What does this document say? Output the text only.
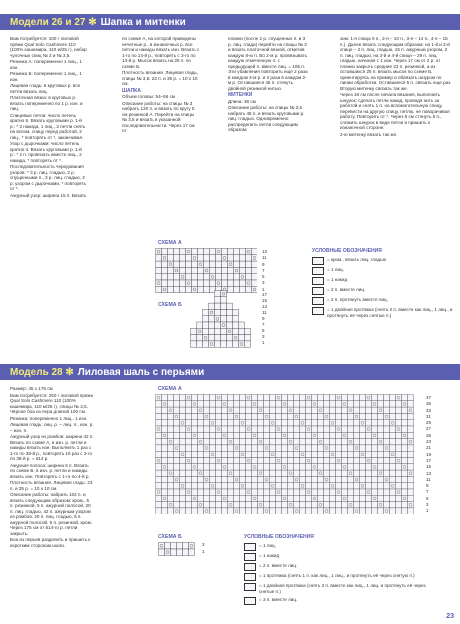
Модели 26 и 27 ✻ Шапка и митенки

Вам потребуется: 100 г лиловой пряжи Qual Solo Cashmere 110 (100% кашемира, 110 м/25 г), набор чулочных спиц № 3 и № 3,5.

Резинка А: попеременно 1 лиц., 1 изн.

Резинка Б: попеременно 1 лиц., 1 изн.

Лицевая гладь: в круговых р. все петли вязать лиц.

Платочная вязка: в круговых р. вязать попеременно по 1 р. изн. и лиц.

Спицевые петли: число петель кратно 6. Вязать круговыми р. 1-й р.: * 2 накида, 1 лиц., 3 петли снять на вспом. спицу перед работой, 2 лиц., * повторять от *, заканчивая.

Узор с дырочками: число петель кратно 4. Вязать круговыми р. 1-й р.: * 2 п. провязать вместе лиц., 2 накида, * повторять от *.

Последовательность чередования узоров: * 3 р. лиц. гладью, 2 р. спущенными п., 3 р. лиц. гладью, 2 р. узором с дырочками, * повторять от *.

Ажурный узор: ширина 15 п. Вязать

по схеме А, на которой приведены нечетные р., в изнаночных р. все петли и накиды вязать изн. Вязать с 1-го по 14-й р., повторять с 3-го по 14-й р. Мысок вязать на 25 п. по схеме Б.

Плотность вязания. Лицевая гладь, спицы № 3,5: 23 п. и 35 р. = 10 х 10 см.

ШАПКА

Объем головы: 54–56 см

Описание работы: на спицы № 3 набрать 120 п. и вязать по кругу 5 см резинкой А. Перейти на спицы № 3,5 и вязать в указанной последовательности. Через 17 см от

планки (после 2 р. спущенных п. и 3 р. лиц. глади) перейти на спицы № 3 и вязать платочной вязкой, отметив каждую 8-ю п. Во 2-м р. провязывать каждую отмеченную п. с предыдущей п. вместе лиц. = 105 п. Эти убавления повторить еще 2 раза в каждом 4-м р. и 2 раза в каждом 2-м р. Оставшиеся 45 п. стянуть двойной резинкой нитью.

МИТЕНКИ

Длина: 38 см

Описание работы: на спицы № 3,5 набрать 48 п. и вязать круговыми р. лиц. гладью. Одновременно распределить петли следующим образом:

зом: 1-я спица 9 п., 2-я – 10 п., 3-я – 14 п., 4-я – 15 п.). Далее вязать следующим образом: на 1-й и 2-й спице – 2 п. лиц. гладью, 15 п. ажурным узором, 2 п. лиц. гладью, на 3-й и 4-й спице – 29 п. лиц. гладью, начиная с 1 изн. Через 17 см от 2 р. от планки закрыть средние 23 п. резинкой, а из оставшихся 25 п. вязать мысок по схеме Б, ориентируясь на пример и обвязать шнуром по линии обработки. Оставшиеся 5 п. связать еще раз. Вторую митенку связать так же.

Через 18 см после начала вязания, выполнить шнурок: сделать петли накид, проводя нить за работой и снять 1 п. на вспомогательную спицу, перевести на другую спицу, петлю, не поворачивая работу. Повторить от *. Через 8 см стянуть 5 п., сложить шнурок в виде петли и пришить к изнаночной стороне.

2-ю митенку вязать так же.

СХЕМА А
13
11
9
7
5
3
1
СХЕМА Б
17
15
13
11
9
7
5
3
1
УСЛОВНЫЕ ОБОЗНАЧЕНИЯ
= кром., вязать лиц. гладью
= 1 лиц.
= 1 накид
= 2 п. вместе лиц.
= 2 п. протянуть вместе лиц.
= 1 двойная протяжка (снять 2 п. вместе как лиц., 1 лиц., и протянуть её через снятые п.)
Модель 28 ✻ Лиловая шаль с перьями

Размер: 45 х 175 см

Вам потребуется: 250 г лиловой пряжи Qual Solo Cashmere 110 (100% кашемира, 110 м/25 г), спицы № 3,5. Чёрное боа из пера длиной 100 см.

Резинка: попеременно 1 лиц., 1 изн.

Лицевая гладь: лиц. р. – лиц. п., изн. р. – изн. п.

Ажурный узор из ромбов: ширина 42 п. Вязать по схеме А, в изн. р. петли и накиды вязать изн. Выполнить 1 раз с 1-го по 38-й р., повторять 16 раз с 3-го по 38-й р. = 614 р.

Ажурная полоса: ширина 5 п. Вязать по схеме Б, в изн. р. петли и накиды вязать изн. Повторять с 1-го по 4-й р.

Плотность вязания. Лицевая гладь: 23 п. и 35 р. = 10 х 10 см.

Описание работы: набрать 104 п. и вязать следующим образом: кром., 5 п. резинкой, 5 п. ажурной полосой, 20 п. лиц. гладью, 42 п. ажурным узором из ромбов, 20 п. лиц. гладью, 5 п. ажурной полосой, 5 п. резинкой, кром. Через 175 см от 614-го р. петли закрыть.

Боа из перьев разделить и пришить к коротким сторонам шали.

СХЕМА А
37
35
33
31
29
27
25
23
21
19
17
15
13
11
9
7
5
3
1
СХЕМА Б
3
1
УСЛОВНЫЕ ОБОЗНАЧЕНИЯ
= 1 лиц.
= 1 накид
= 2 п. вместе лиц.
= 1 протяжка (снять 1 п. как лиц., 1 лиц., и протянуть её через снятую п.)
= 1 двойная протяжка (снять 2 п. вместе как лиц., 1 лиц. и протянуть её через снятые п.)
= 3 п. вместе лиц.
23
